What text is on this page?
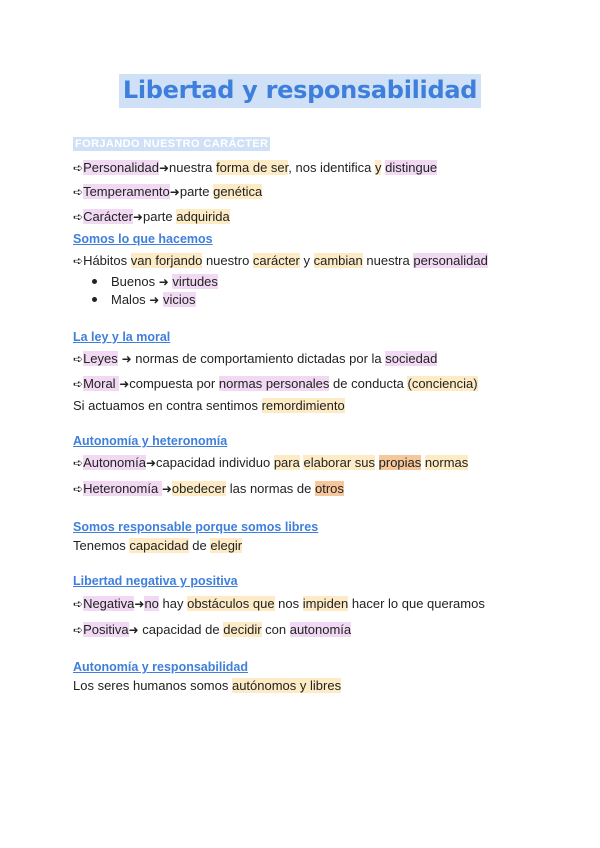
Libertad y responsabilidad
FORJANDO NUESTRO CARÁCTER
➪Personalidad➜nuestra forma de ser, nos identifica y distingue
➪Temperamento➜parte genética
➪Carácter➜parte adquirida
Somos lo que hacemos
➪Hábitos van forjando nuestro carácter y cambian nuestra personalidad
Buenos ➜ virtudes
Malos ➜ vicios
La ley y la moral
➪Leyes ➜ normas de comportamiento dictadas por la sociedad
➪Moral ➜compuesta por normas personales de conducta (conciencia)
Si actuamos en contra sentimos remordimiento
Autonomía y heteronomía
➪Autonomía➜capacidad individuo para elaborar sus propias normas
➪Heteronomía ➜obedecer las normas de otros
Somos responsable porque somos libres
Tenemos capacidad de elegir
Libertad negativa y positiva
➪Negativa➜no hay obstáculos que nos impiden hacer lo que queramos
➪Positiva➜ capacidad de decidir con autonomía
Autonomía y responsabilidad
Los seres humanos somos autónomos y libres
